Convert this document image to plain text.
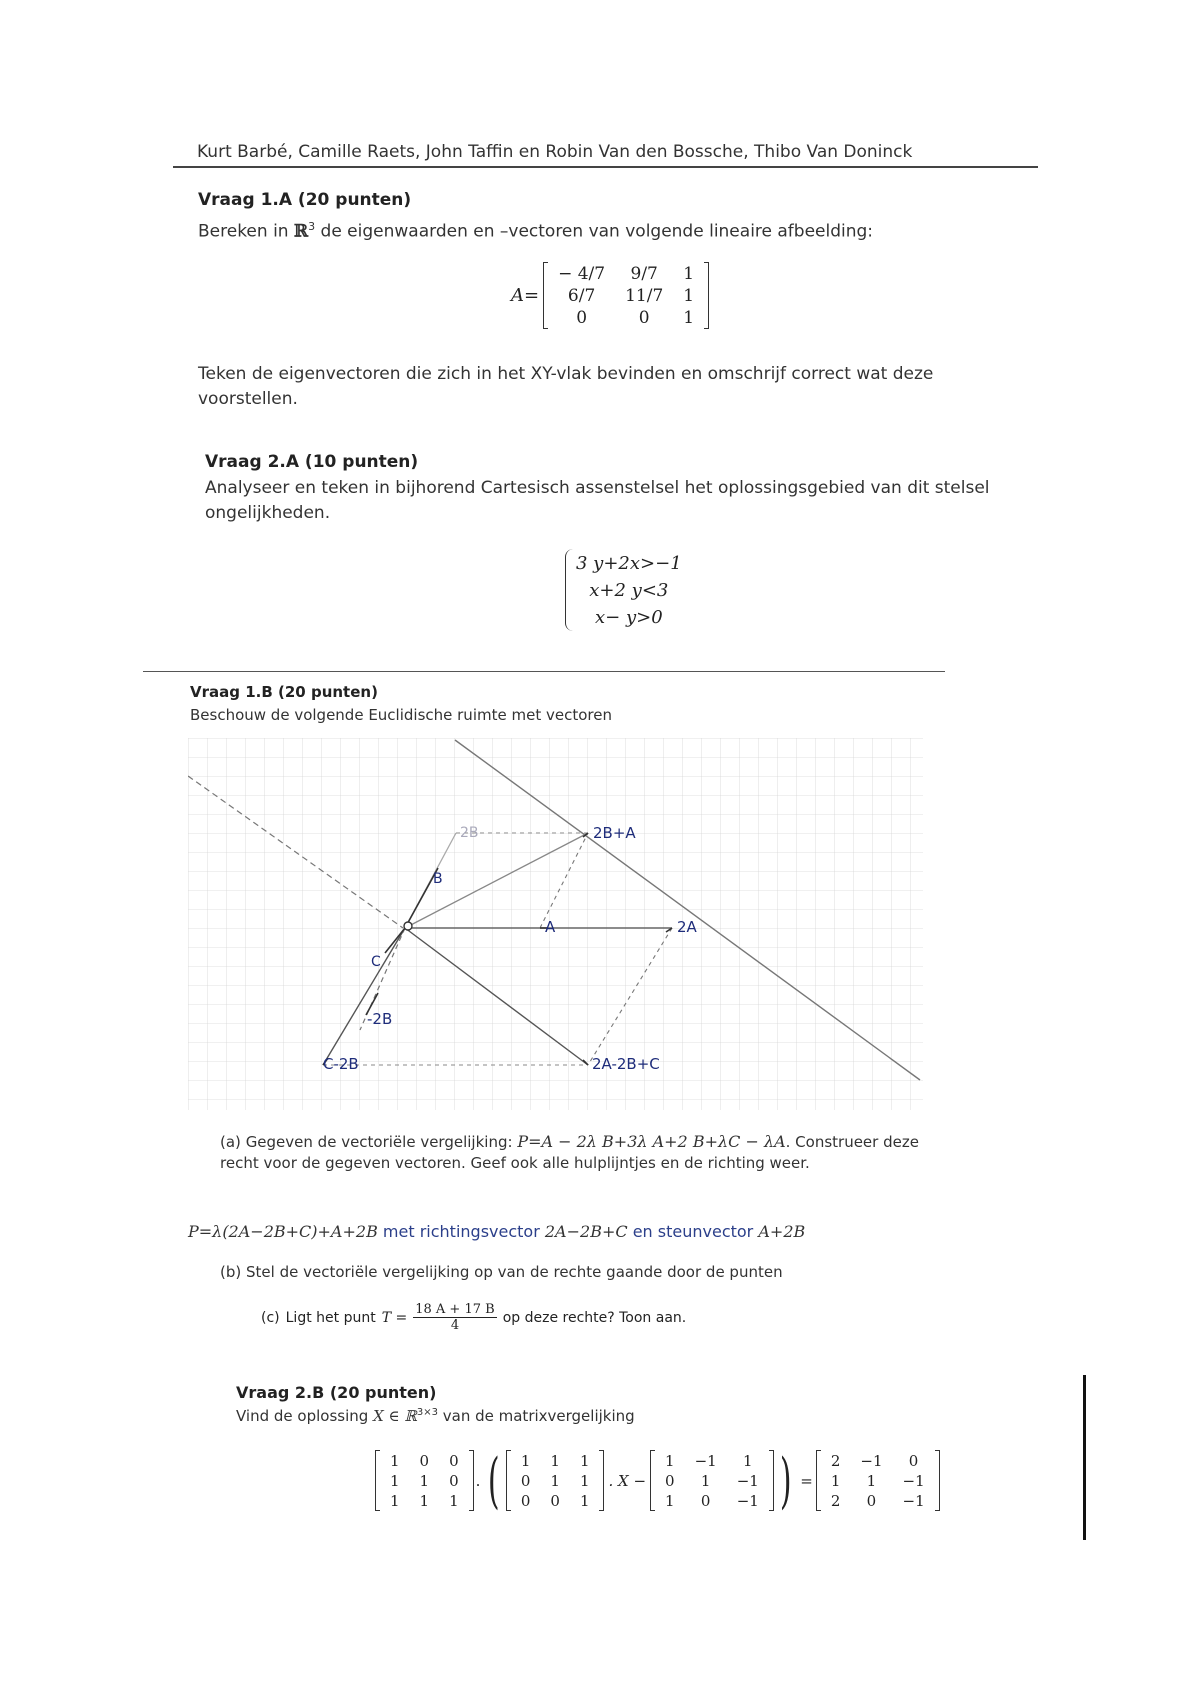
Kurt Barbé, Camille Raets, John Taffin en Robin Van den Bossche, Thibo Van Doninck
Vraag 1.A (20 punten)
Bereken in ℝ$^3$ de eigenwaarden en –vectoren van volgende lineaire afbeelding:
A=
	− 4/7	9/7	1	
	6/7	11/7	1	
	0	0	1	
Teken de eigenvectoren die zich in het XY-vlak bevinden en omschrijf correct wat deze voorstellen.
Vraag 2.A (10 punten)
Analyseer en teken in bijhorend Cartesisch assenstelsel het oplossingsgebied van dit stelsel ongelijkheden.
3 y+2x>−1
x+2 y<3
x− y>0
Vraag 1.B (20 punten)
Beschouw de volgende Euclidische ruimte met vectoren
2B	2B+A
B
A	2A
C
-2B
C-2B	2A-2B+C
(a) Gegeven de vectoriële vergelijking: P=A − 2λ B+3λ A+2 B+λC − λA. Construeer deze recht voor de gegeven vectoren. Geef ook alle hulplijntjes en de richting weer.
P=λ(2A−2B+C)+A+2B met richtingsvector 2A−2B+C en steunvector A+2B
(b) Stel de vectoriële vergelijking op van de rechte gaande door de punten
(c) Ligt het punt $T = \frac{18 A + 17 B}{4}$ op deze rechte? Toon aan.
Vraag 2.B (20 punten)
Vind de oplossing X ∈ ℝ$^{3\times 3}$ van de matrixvergelijking
	1	0	0	
	1	1	0	
	1	1	1	
. (
	1	1	1	
	0	1	1	
	0	0	1	
. X −
	1	−1	1	
	0	1	−1	
	1	0	−1	) =
	2	−1	0	
	1	1	−1	
	2	0	−1	
